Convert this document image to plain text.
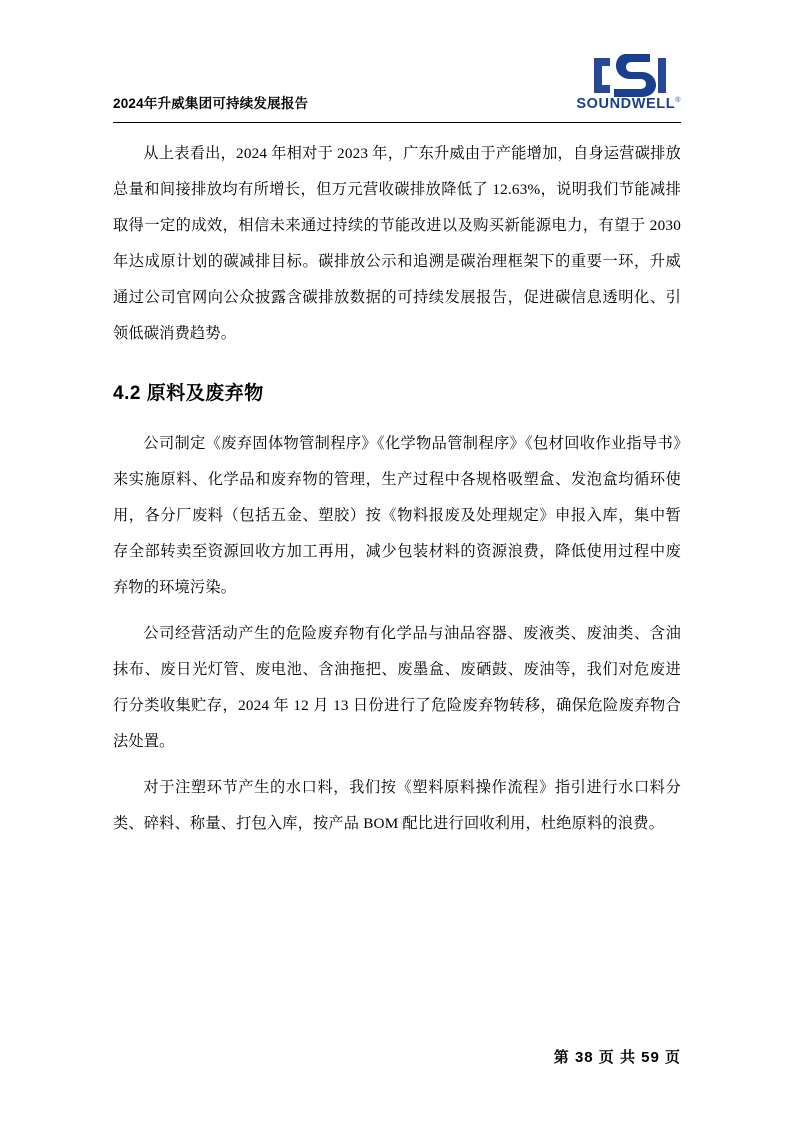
2024年升威集团可持续发展报告	SOUNDWELL®

从上表看出，2024 年相对于 2023 年，广东升威由于产能增加，自身运营碳排放总量和间接排放均有所增长，但万元营收碳排放降低了 12.63%，说明我们节能减排取得一定的成效，相信未来通过持续的节能改进以及购买新能源电力，有望于 2030 年达成原计划的碳减排目标。碳排放公示和追溯是碳治理框架下的重要一环，升威通过公司官网向公众披露含碳排放数据的可持续发展报告，促进碳信息透明化、引领低碳消费趋势。

4.2 原料及废弃物

公司制定《废弃固体物管制程序》《化学物品管制程序》《包材回收作业指导书》来实施原料、化学品和废弃物的管理，生产过程中各规格吸塑盒、发泡盒均循环使用，各分厂废料（包括五金、塑胶）按《物料报废及处理规定》申报入库，集中暂存全部转卖至资源回收方加工再用，减少包装材料的资源浪费，降低使用过程中废弃物的环境污染。

公司经营活动产生的危险废弃物有化学品与油品容器、废液类、废油类、含油抹布、废日光灯管、废电池、含油拖把、废墨盒、废硒鼓、废油等，我们对危废进行分类收集贮存，2024 年 12 月 13 日份进行了危险废弃物转移，确保危险废弃物合法处置。

对于注塑环节产生的水口料，我们按《塑料原料操作流程》指引进行水口料分类、碎料、称量、打包入库，按产品 BOM 配比进行回收利用，杜绝原料的浪费。

第 38 页 共 59 页
